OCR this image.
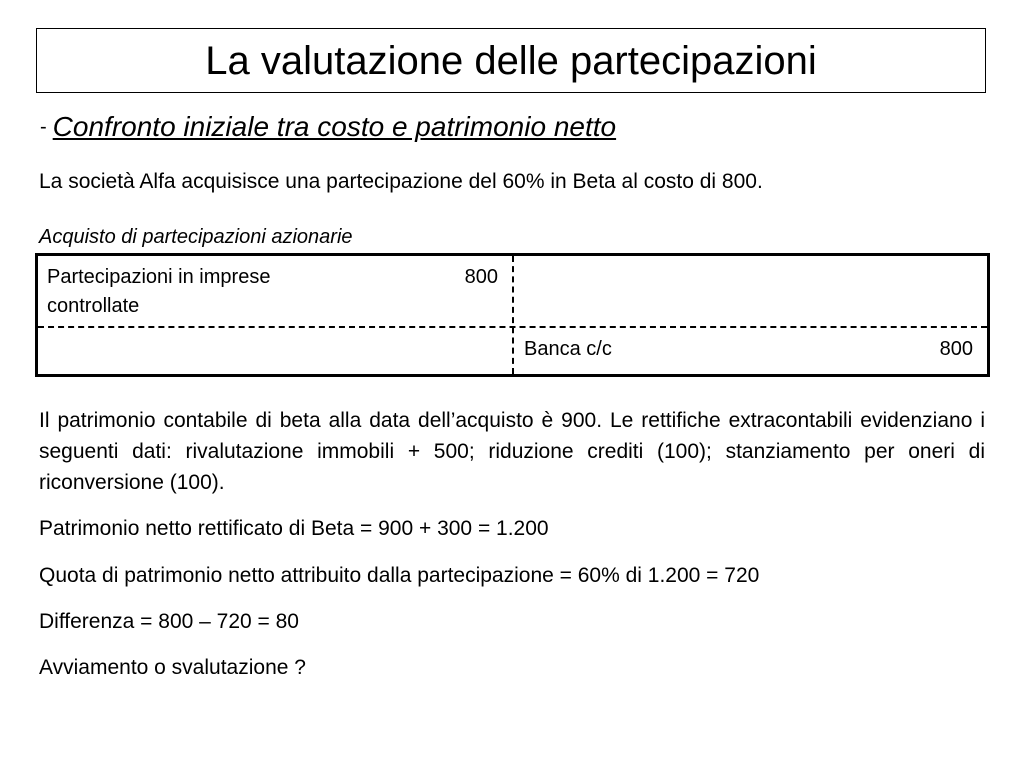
La valutazione delle partecipazioni
- Confronto iniziale tra costo e patrimonio netto
La società Alfa acquisisce una partecipazione del 60% in Beta al costo di 800.
Acquisto di partecipazioni azionarie
Partecipazioni in imprese controllate
800
Banca c/c	800
Il patrimonio contabile di beta alla data dell’acquisto è 900. Le rettifiche extracontabili evidenziano i seguenti dati: rivalutazione immobili + 500; riduzione crediti (100); stanziamento per oneri di riconversione (100).
Patrimonio netto rettificato di Beta = 900 + 300 = 1.200
Quota di patrimonio netto attribuito dalla partecipazione = 60% di 1.200 = 720
Differenza = 800 – 720 = 80
Avviamento o svalutazione ?
